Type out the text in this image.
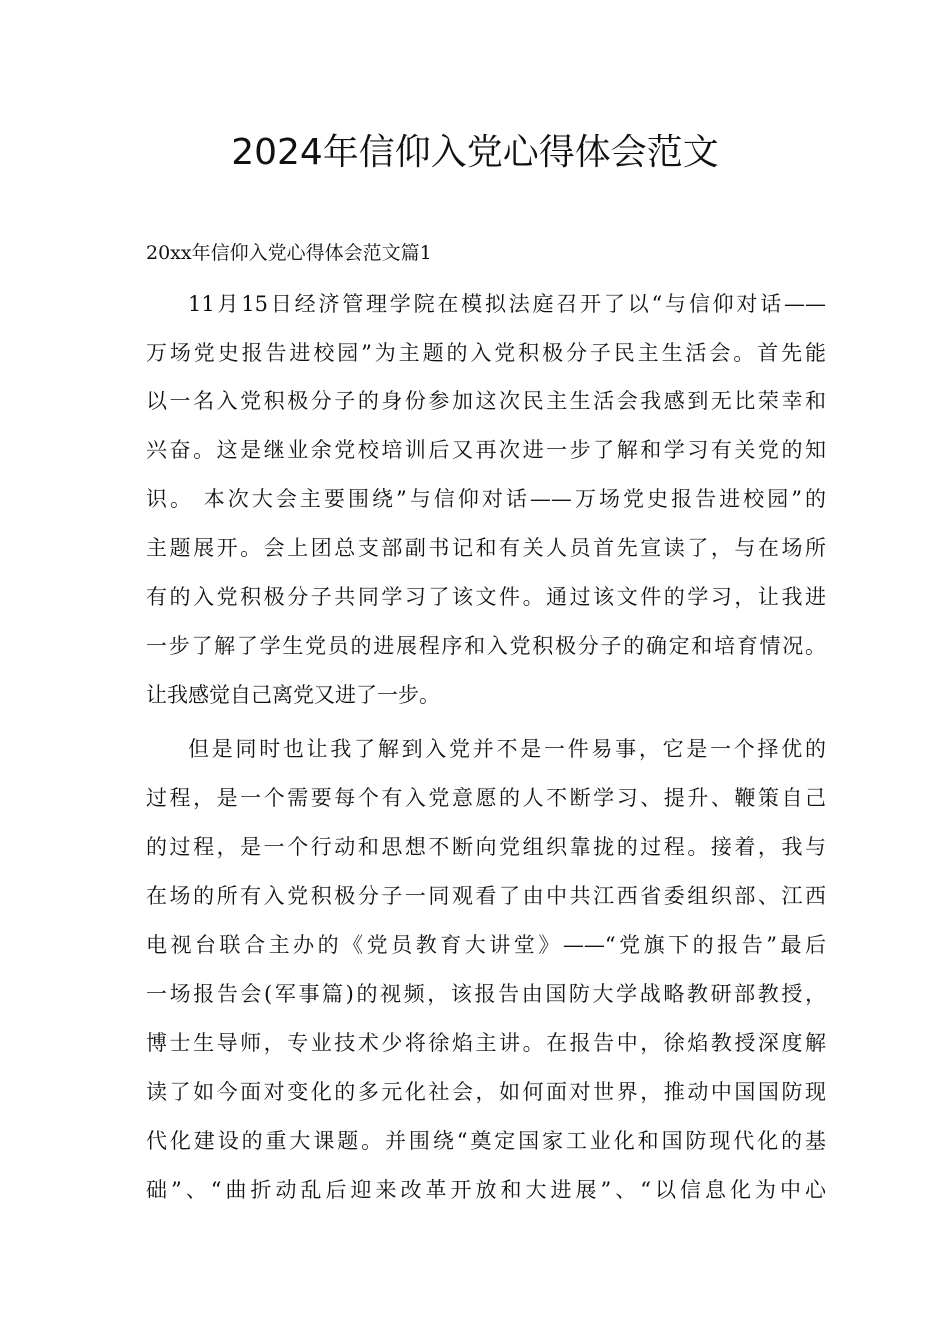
2024年信仰入党心得体会范文
20xx年信仰入党心得体会范文篇1

11月15日经济管理学院在模拟法庭召开了以“与信仰对话——

万场党史报告进校园”为主题的入党积极分子民主生活会。首先能

以一名入党积极分子的身份参加这次民主生活会我感到无比荣幸和

兴奋。这是继业余党校培训后又再次进一步了解和学习有关党的知

识。 本次大会主要围绕”与信仰对话——万场党史报告进校园”的

主题展开。会上团总支部副书记和有关人员首先宣读了，与在场所

有的入党积极分子共同学习了该文件。通过该文件的学习，让我进

一步了解了学生党员的进展程序和入党积极分子的确定和培育情况。

让我感觉自己离党又进了一步。

但是同时也让我了解到入党并不是一件易事，它是一个择优的

过程，是一个需要每个有入党意愿的人不断学习、提升、鞭策自己

的过程，是一个行动和思想不断向党组织靠拢的过程。接着，我与

在场的所有入党积极分子一同观看了由中共江西省委组织部、江西

电视台联合主办的《党员教育大讲堂》——“党旗下的报告”最后

一场报告会(军事篇)的视频，该报告由国防大学战略教研部教授，

博士生导师，专业技术少将徐焰主讲。在报告中，徐焰教授深度解

读了如今面对变化的多元化社会，如何面对世界，推动中国国防现

代化建设的重大课题。并围绕“奠定国家工业化和国防现代化的基

础”、“曲折动乱后迎来改革开放和大进展”、“以信息化为中心
